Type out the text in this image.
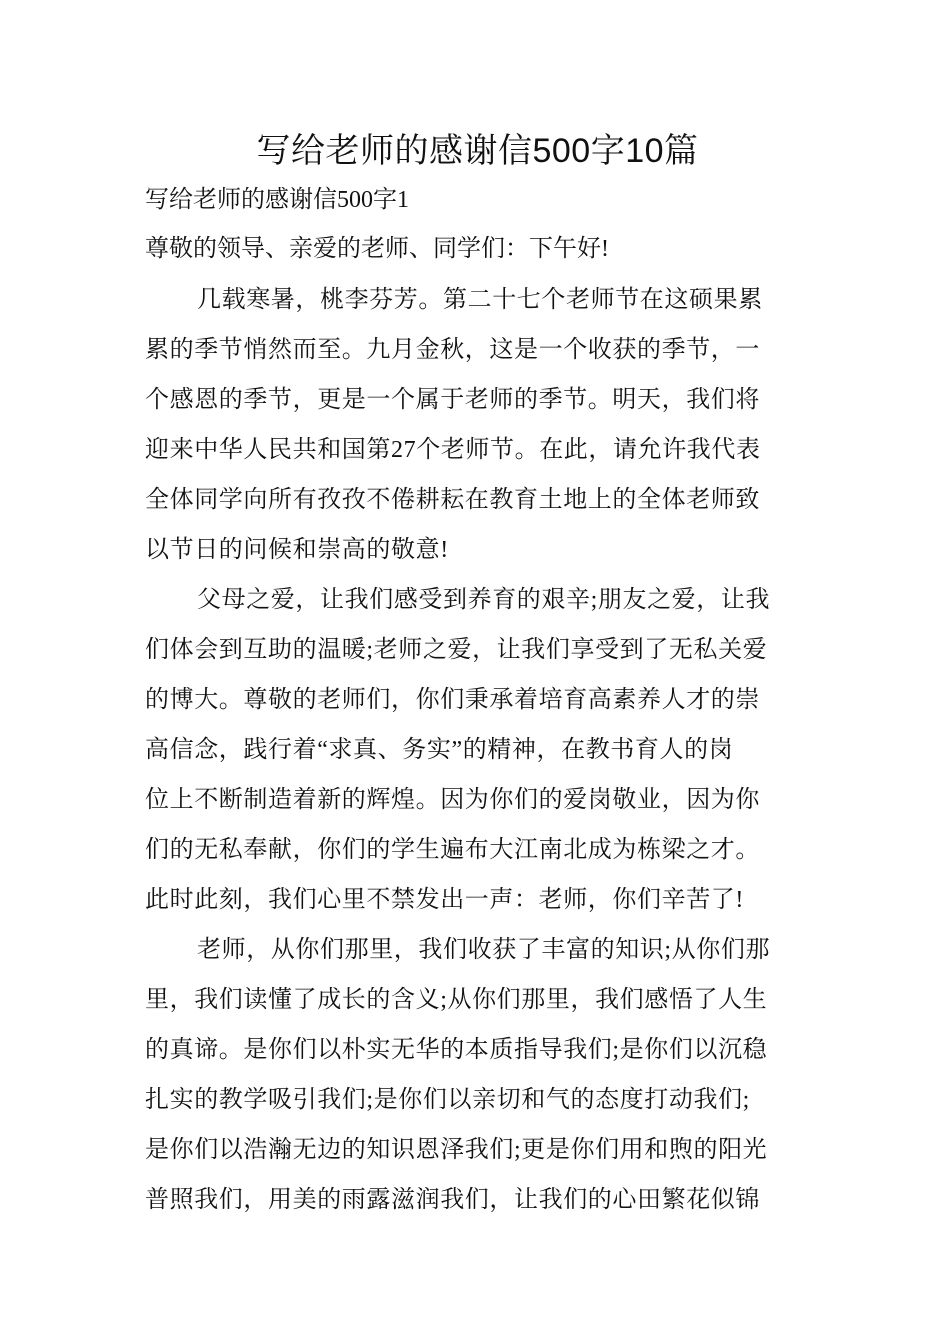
写给老师的感谢信500字10篇

写给老师的感谢信500字1

尊敬的领导、亲爱的老师、同学们：下午好!

几载寒暑，桃李芬芳。第二十七个老师节在这硕果累
累的季节悄然而至。九月金秋，这是一个收获的季节，一
个感恩的季节，更是一个属于老师的季节。明天，我们将
迎来中华人民共和国第27个老师节。在此，请允许我代表
全体同学向所有孜孜不倦耕耘在教育土地上的全体老师致
以节日的问候和崇高的敬意!
父母之爱，让我们感受到养育的艰辛;朋友之爱，让我
们体会到互助的温暖;老师之爱，让我们享受到了无私关爱
的博大。尊敬的老师们，你们秉承着培育高素养人才的崇
高信念，践行着“求真、务实”的精神，在教书育人的岗
位上不断制造着新的辉煌。因为你们的爱岗敬业，因为你
们的无私奉献，你们的学生遍布大江南北成为栋梁之才。
此时此刻，我们心里不禁发出一声：老师，你们辛苦了!
老师，从你们那里，我们收获了丰富的知识;从你们那
里，我们读懂了成长的含义;从你们那里，我们感悟了人生
的真谛。是你们以朴实无华的本质指导我们;是你们以沉稳
扎实的教学吸引我们;是你们以亲切和气的态度打动我们;
是你们以浩瀚无边的知识恩泽我们;更是你们用和煦的阳光
普照我们，用美的雨露滋润我们，让我们的心田繁花似锦
